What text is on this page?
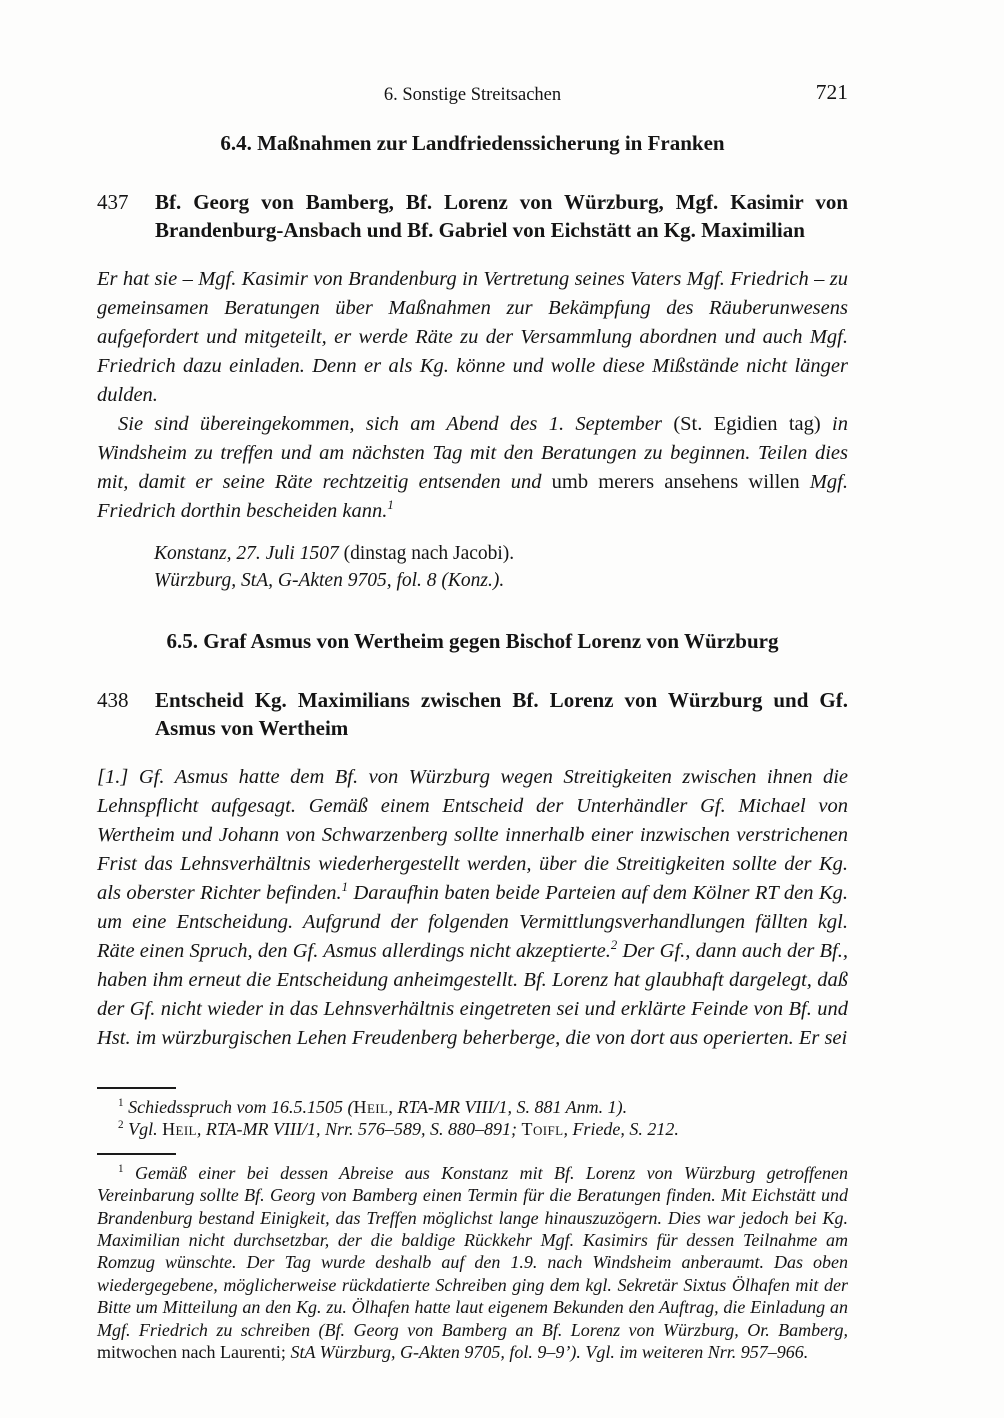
6. Sonstige Streitsachen	721
6.4. Maßnahmen zur Landfriedenssicherung in Franken
437	Bf. Georg von Bamberg, Bf. Lorenz von Würzburg, Mgf. Kasimir von Brandenburg-Ansbach und Bf. Gabriel von Eichstätt an Kg. Maximilian

Er hat sie – Mgf. Kasimir von Brandenburg in Vertretung seines Vaters Mgf. Friedrich – zu gemeinsamen Beratungen über Maßnahmen zur Bekämpfung des Räuberunwesens aufgefordert und mitgeteilt, er werde Räte zu der Versammlung abordnen und auch Mgf. Friedrich dazu einladen. Denn er als Kg. könne und wolle diese Mißstände nicht länger dulden.

Sie sind übereingekommen, sich am Abend des 1. September (St. Egidien tag) in Windsheim zu treffen und am nächsten Tag mit den Beratungen zu beginnen. Teilen dies mit, damit er seine Räte rechtzeitig entsenden und umb merers ansehens willen Mgf. Friedrich dorthin bescheiden kann.$^1$

Konstanz, 27. Juli 1507 (dinstag nach Jacobi).
Würzburg, StA, G-Akten 9705, fol. 8 (Konz.).
6.5. Graf Asmus von Wertheim gegen Bischof Lorenz von Würzburg
438	Entscheid Kg. Maximilians zwischen Bf. Lorenz von Würzburg und Gf. Asmus von Wertheim

[1.] Gf. Asmus hatte dem Bf. von Würzburg wegen Streitigkeiten zwischen ihnen die Lehnspflicht aufgesagt. Gemäß einem Entscheid der Unterhändler Gf. Michael von Wertheim und Johann von Schwarzenberg sollte innerhalb einer inzwischen verstrichenen Frist das Lehnsverhältnis wiederhergestellt werden, über die Streitigkeiten sollte der Kg. als oberster Richter befinden.$^1$ Daraufhin baten beide Parteien auf dem Kölner RT den Kg. um eine Entscheidung. Aufgrund der folgenden Vermittlungsverhandlungen fällten kgl. Räte einen Spruch, den Gf. Asmus allerdings nicht akzeptierte.$^2$ Der Gf., dann auch der Bf., haben ihm erneut die Entscheidung anheimgestellt. Bf. Lorenz hat glaubhaft dargelegt, daß der Gf. nicht wieder in das Lehnsverhältnis eingetreten sei und erklärte Feinde von Bf. und Hst. im würzburgischen Lehen Freudenberg beherberge, die von dort aus operierten. Er sei

$^1$ Schiedsspruch vom 16.5.1505 (Heil, RTA-MR VIII/1, S. 881 Anm. 1).

$^2$ Vgl. Heil, RTA-MR VIII/1, Nrr. 576–589, S. 880–891; Toifl, Friede, S. 212.

$^1$ Gemäß einer bei dessen Abreise aus Konstanz mit Bf. Lorenz von Würzburg getroffenen Vereinbarung sollte Bf. Georg von Bamberg einen Termin für die Beratungen finden. Mit Eichstätt und Brandenburg bestand Einigkeit, das Treffen möglichst lange hinauszuzögern. Dies war jedoch bei Kg. Maximilian nicht durchsetzbar, der die baldige Rückkehr Mgf. Kasimirs für dessen Teilnahme am Romzug wünschte. Der Tag wurde deshalb auf den 1.9. nach Windsheim anberaumt. Das oben wiedergegebene, möglicherweise rückdatierte Schreiben ging dem kgl. Sekretär Sixtus Ölhafen mit der Bitte um Mitteilung an den Kg. zu. Ölhafen hatte laut eigenem Bekunden den Auftrag, die Einladung an Mgf. Friedrich zu schreiben (Bf. Georg von Bamberg an Bf. Lorenz von Würzburg, Or. Bamberg, mitwochen nach Laurenti; StA Würzburg, G-Akten 9705, fol. 9–9’). Vgl. im weiteren Nrr. 957–966.
